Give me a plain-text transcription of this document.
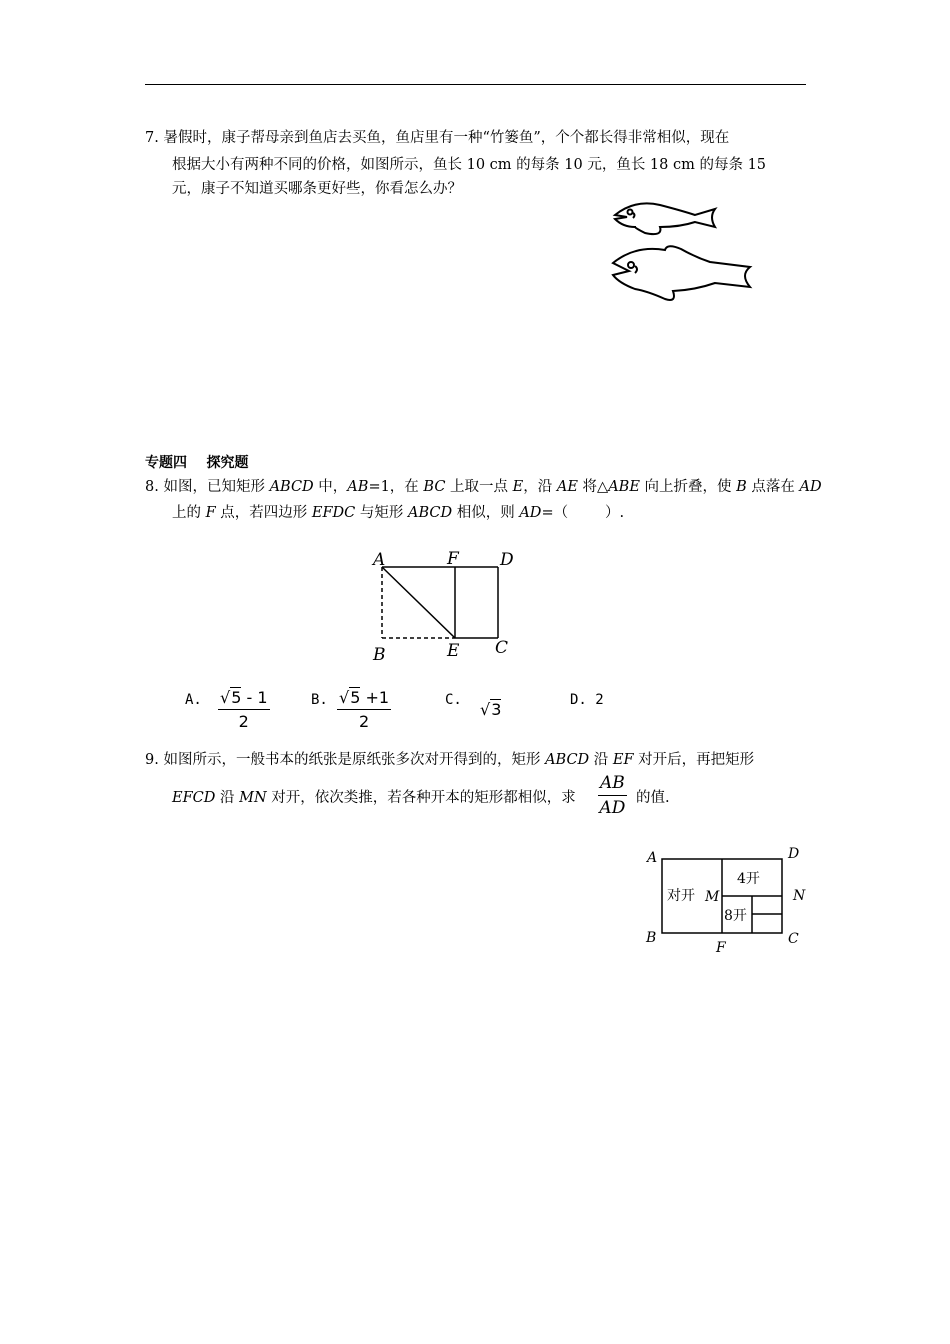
7. 暑假时，康子帮母亲到鱼店去买鱼，鱼店里有一种“竹篓鱼”，个个都长得非常相似，现在
根据大小有两种不同的价格，如图所示，鱼长 10 cm 的每条 10 元，鱼长 18 cm 的每条 15
元，康子不知道买哪条更好些，你看怎么办？
专题四    探究题
8. 如图，已知矩形 ABCD 中，AB=1，在 BC 上取一点 E，沿 AE 将△ABE 向上折叠，使 B 点落在 AD
上的 F 点，若四边形 EFDC 与矩形 ABCD 相似，则 AD=（        ）.
A	F D
B	E C
A. $\frac{√5 - 1}{2}$	B. $\frac{√5 +1}{2}$	C. √3	D. 2
9. 如图所示，一般书本的纸张是原纸张多次对开得到的，矩形 ABCD 沿 EF 对开后，再把矩形
EFCD 沿 MN 对开，依次类推，若各种开本的矩形都相似，求 $\frac{AB}{AD}$ 的值.
A	D
B	C
F
M	N
对开
4开
8开
